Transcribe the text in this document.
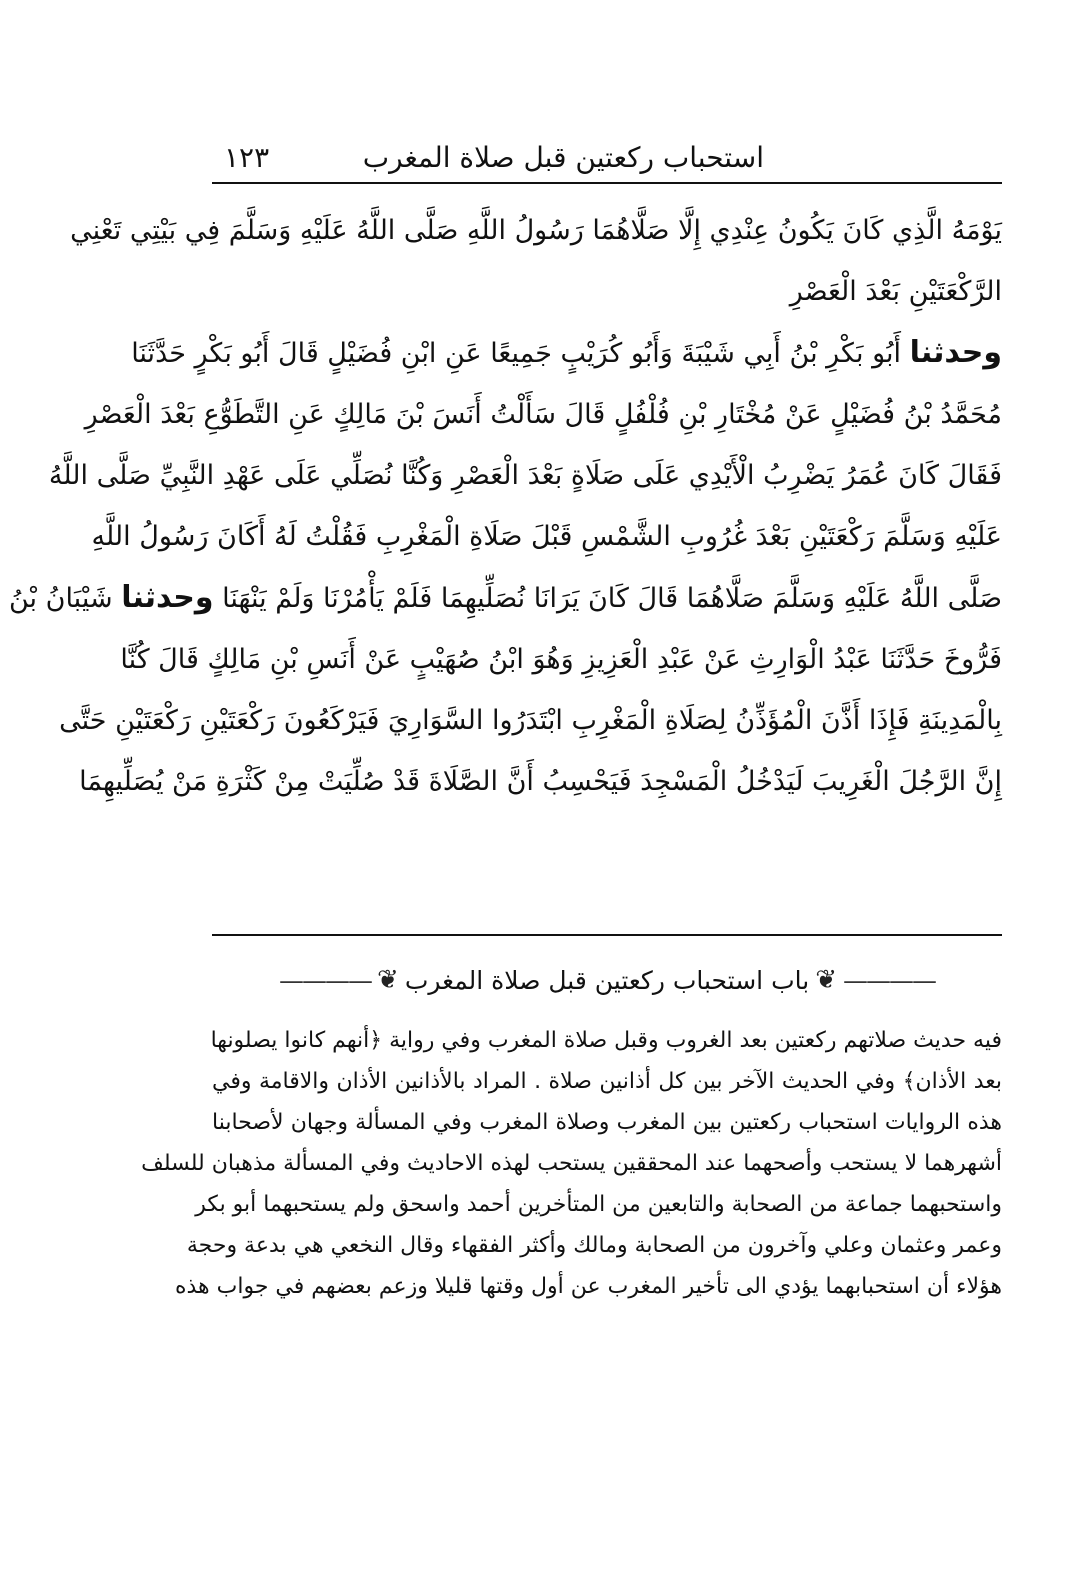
استحباب ركعتين قبل صلاة المغرب
١٢٣
يَوْمَهُ الَّذِي كَانَ يَكُونُ عِنْدِي إِلَّا صَلَّاهُمَا رَسُولُ اللَّهِ صَلَّى اللَّهُ عَلَيْهِ وَسَلَّمَ فِي بَيْتِي تَعْنِي
الرَّكْعَتَيْنِ بَعْدَ الْعَصْرِ
وحدثنا أَبُو بَكْرِ بْنُ أَبِي شَيْبَةَ وَأَبُو كُرَيْبٍ جَمِيعًا عَنِ ابْنِ فُضَيْلٍ قَالَ أَبُو بَكْرٍ حَدَّثَنَا
مُحَمَّدُ بْنُ فُضَيْلٍ عَنْ مُخْتَارِ بْنِ فُلْفُلٍ قَالَ سَأَلْتُ أَنَسَ بْنَ مَالِكٍ عَنِ التَّطَوُّعِ بَعْدَ الْعَصْرِ
فَقَالَ كَانَ عُمَرُ يَضْرِبُ الْأَيْدِي عَلَى صَلَاةٍ بَعْدَ الْعَصْرِ وَكُنَّا نُصَلِّي عَلَى عَهْدِ النَّبِيِّ صَلَّى اللَّهُ
عَلَيْهِ وَسَلَّمَ رَكْعَتَيْنِ بَعْدَ غُرُوبِ الشَّمْسِ قَبْلَ صَلَاةِ الْمَغْرِبِ فَقُلْتُ لَهُ أَكَانَ رَسُولُ اللَّهِ
صَلَّى اللَّهُ عَلَيْهِ وَسَلَّمَ صَلَّاهُمَا قَالَ كَانَ يَرَانَا نُصَلِّيهِمَا فَلَمْ يَأْمُرْنَا وَلَمْ يَنْهَنَا وحدثنا شَيْبَانُ بْنُ
فَرُّوخَ حَدَّثَنَا عَبْدُ الْوَارِثِ عَنْ عَبْدِ الْعَزِيزِ وَهُوَ ابْنُ صُهَيْبٍ عَنْ أَنَسِ بْنِ مَالِكٍ قَالَ كُنَّا
بِالْمَدِينَةِ فَإِذَا أَذَّنَ الْمُؤَذِّنُ لِصَلَاةِ الْمَغْرِبِ ابْتَدَرُوا السَّوَارِيَ فَيَرْكَعُونَ رَكْعَتَيْنِ رَكْعَتَيْنِ حَتَّى
إِنَّ الرَّجُلَ الْغَرِيبَ لَيَدْخُلُ الْمَسْجِدَ فَيَحْسِبُ أَنَّ الصَّلَاةَ قَدْ صُلِّيَتْ مِنْ كَثْرَةِ مَنْ يُصَلِّيهِمَا
————
❦
باب استحباب ركعتين قبل صلاة المغرب
❦
————
فيه حديث صلاتهم ركعتين بعد الغروب وقبل صلاة المغرب وفي رواية ﴿أنهم كانوا يصلونها
بعد الأذان﴾ وفي الحديث الآخر بين كل أذانين صلاة . المراد بالأذانين الأذان والاقامة وفي
هذه الروايات استحباب ركعتين بين المغرب وصلاة المغرب وفي المسألة وجهان لأصحابنا
أشهرهما لا يستحب وأصحهما عند المحققين يستحب لهذه الاحاديث وفي المسألة مذهبان للسلف
واستحبهما جماعة من الصحابة والتابعين من المتأخرين أحمد واسحق ولم يستحبهما أبو بكر
وعمر وعثمان وعلي وآخرون من الصحابة ومالك وأكثر الفقهاء وقال النخعي هي بدعة وحجة
هؤلاء أن استحبابهما يؤدي الى تأخير المغرب عن أول وقتها قليلا وزعم بعضهم في جواب هذه
